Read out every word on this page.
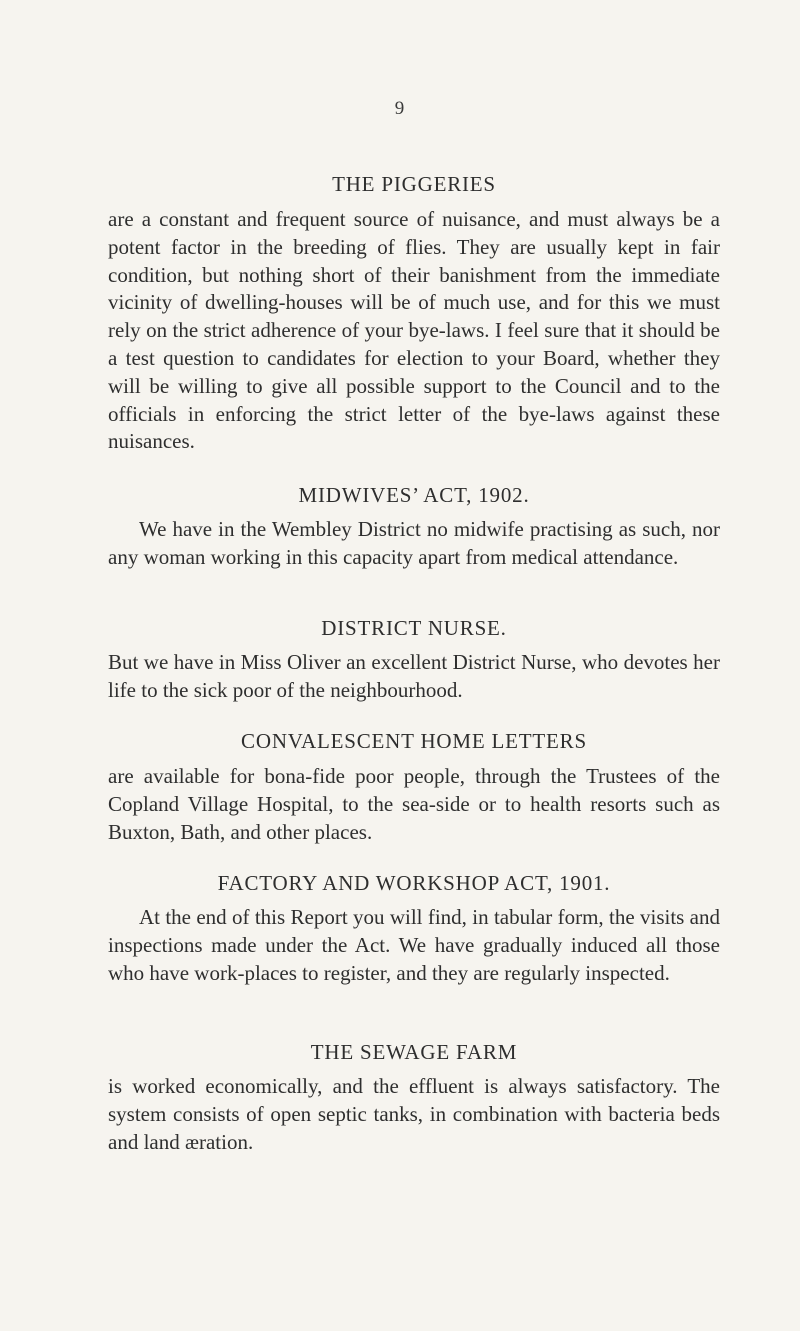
9
THE PIGGERIES

are a constant and frequent source of nuisance, and must always be a potent factor in the breeding of flies. They are usually kept in fair condition, but nothing short of their banishment from the immediate vicinity of dwelling-houses will be of much use, and for this we must rely on the strict adherence of your bye-laws. I feel sure that it should be a test question to candidates for election to your Board, whether they will be willing to give all possible support to the Council and to the officials in enforcing the strict letter of the bye-laws against these nuisances.

MIDWIVES’ ACT, 1902.

We have in the Wembley District no midwife practising as such, nor any woman working in this capacity apart from medical attendance.

DISTRICT NURSE.

But we have in Miss Oliver an excellent District Nurse, who devotes her life to the sick poor of the neighbourhood.

CONVALESCENT HOME LETTERS

are available for bona-fide poor people, through the Trustees of the Copland Village Hospital, to the sea-side or to health resorts such as Buxton, Bath, and other places.

FACTORY AND WORKSHOP ACT, 1901.

At the end of this Report you will find, in tabular form, the visits and inspections made under the Act. We have gradually induced all those who have work-places to register, and they are regularly inspected.

THE SEWAGE FARM

is worked economically, and the effluent is always satisfactory. The system consists of open septic tanks, in combination with bacteria beds and land æration.
